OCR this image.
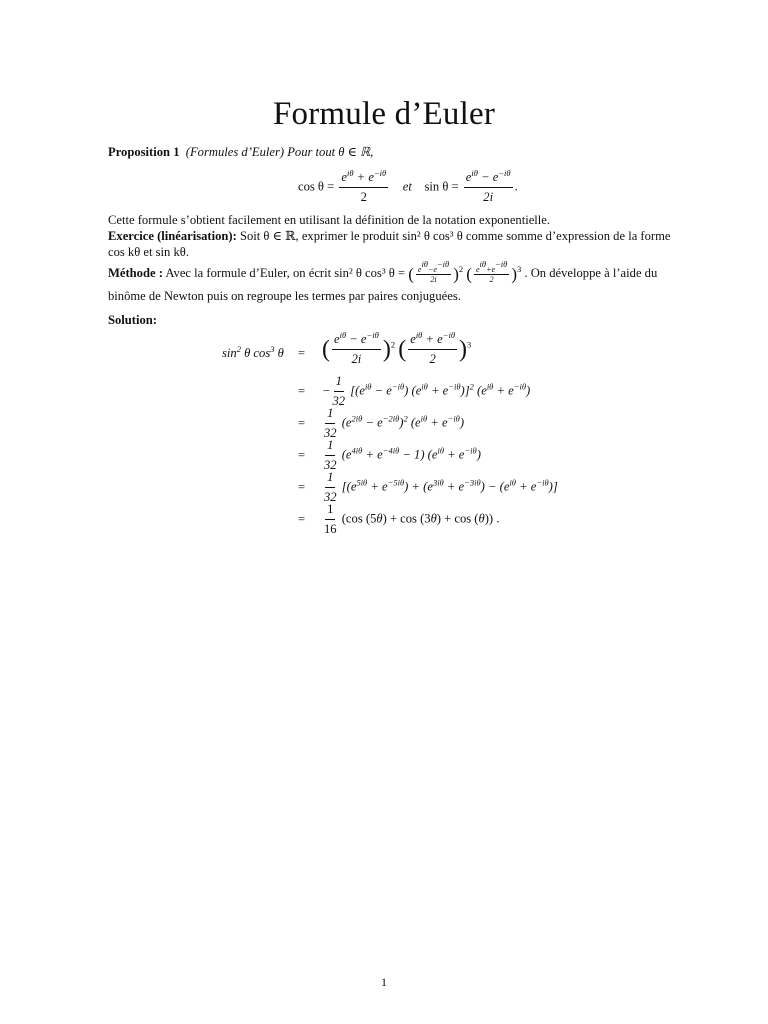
Formule d’Euler
Proposition 1 (Formules d’Euler) Pour tout θ ∈ ℝ,
$\cos \theta = \frac{e^{i\theta} + e^{-i\theta}}{2}$ et $\sin \theta = \frac{e^{i\theta} - e^{-i\theta}}{2i}$ .
Cette formule s’obtient facilement en utilisant la définition de la notation exponentielle.
Exercice (linéarisation): Soit θ ∈ ℝ, exprimer le produit sin² θ cos³ θ comme somme d’expression de la forme
cos kθ et sin kθ.
Méthode : Avec la formule d’Euler, on écrit sin² θ cos³ θ = ( $\frac{e^{i\theta}-e^{-i\theta}}{2i} )^2$ ( $\frac{e^{i\theta}+e^{-i\theta}}{2} )^3$ . On développe à l’aide du
binôme de Newton puis on regroupe les termes par paires conjuguées.
Solution:
$\sin^2 \theta$ $\cos^3 \theta$ = ( $\frac{e^{i\theta} - e^{-i\theta}}{2i} )^2$ ( $\frac{e^{i\theta} + e^{-i\theta}}{2} )^3$
= − $\frac{1}{32} [(e^{i\theta} - e^{-i\theta}) (e^{i\theta} + e^{-i\theta})]^2$ $(e^{i\theta} + e^{-i\theta})$
= $\frac{1}{32} (e^{2i\theta} - e^{-2i\theta})^2$ $(e^{i\theta} + e^{-i\theta})$
= $\frac{1}{32} (e^{4i\theta} + e^{-4i\theta} - 1) (e^{i\theta} + e^{-i\theta})$
= $\frac{1}{32} [(e^{5i\theta} + e^{-5i\theta}) + (e^{3i\theta} + e^{-3i\theta}) - (e^{i\theta} + e^{-i\theta})]$
= $\frac{1}{16} (\cos$ (5θ) + cos (3θ) + cos (θ)) .
1
